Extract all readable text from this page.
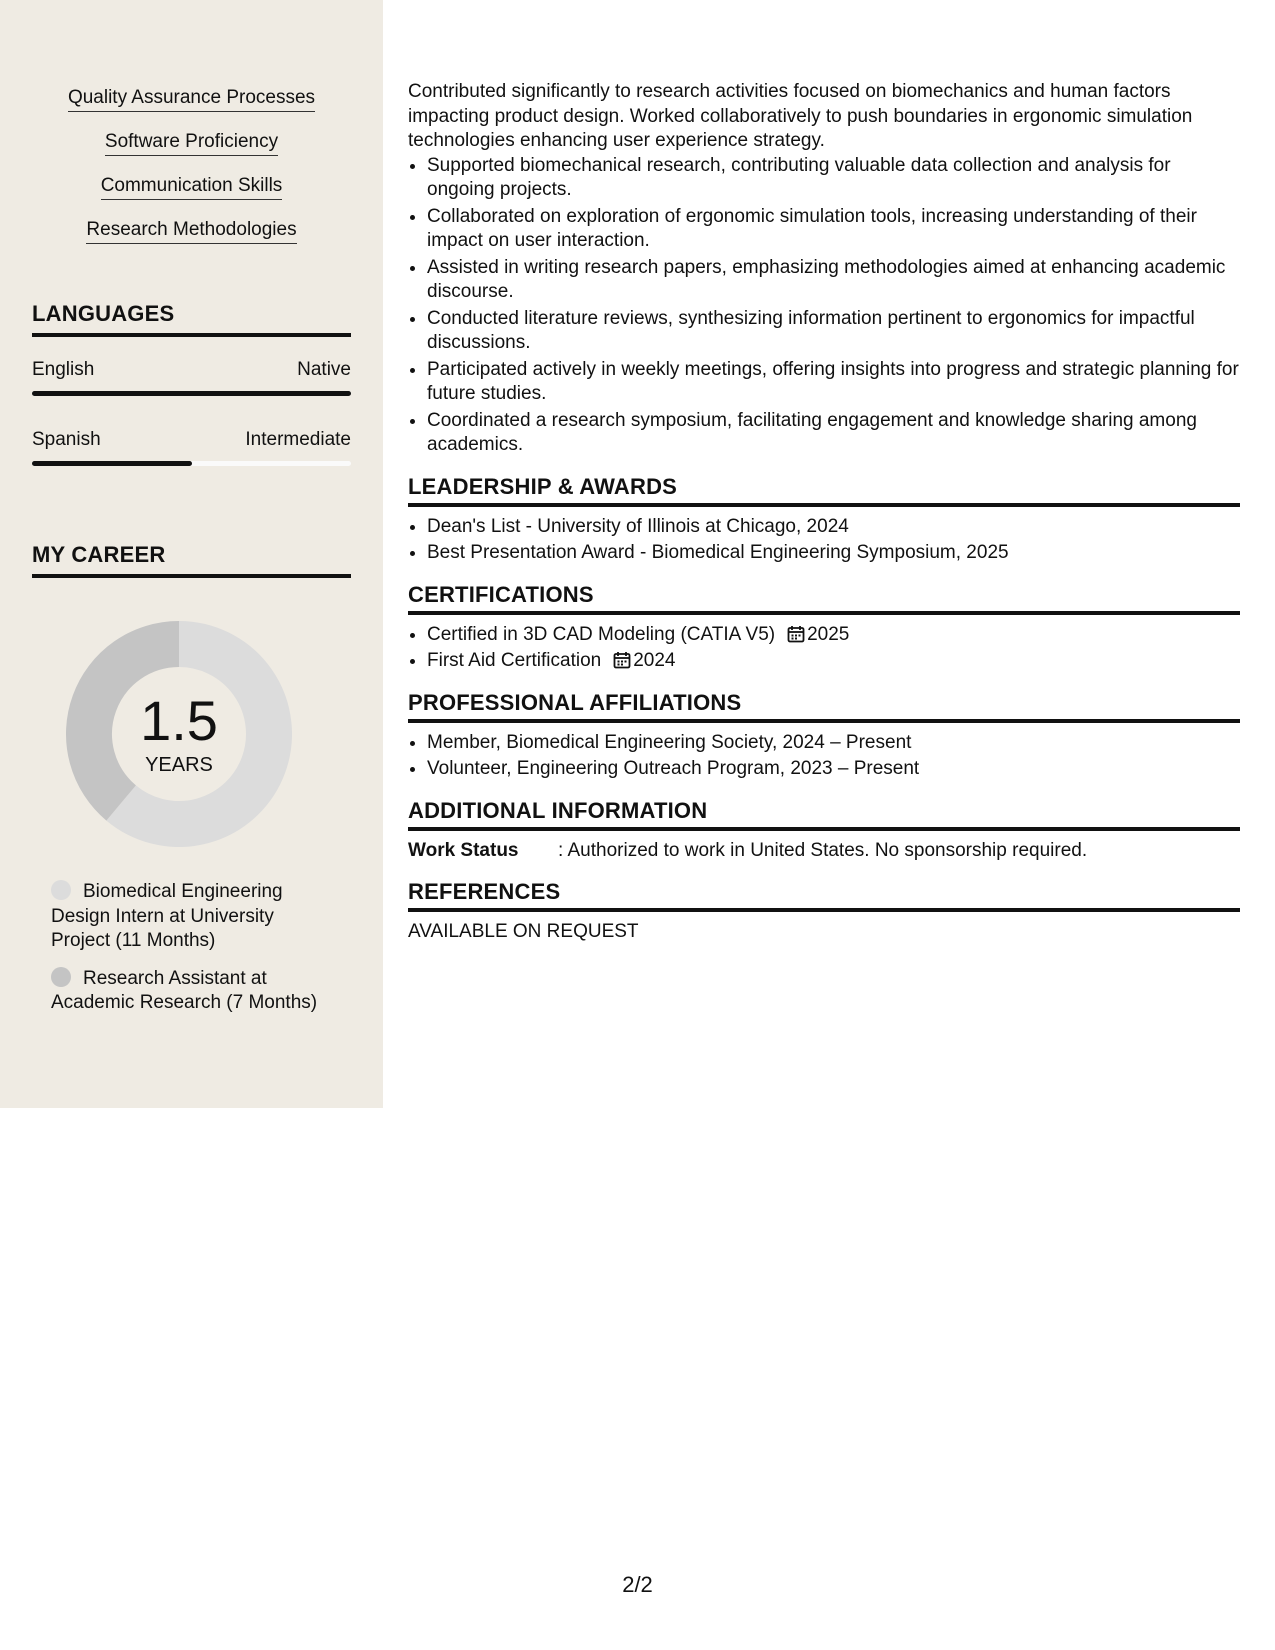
Quality Assurance Processes
Software Proficiency
Communication Skills
Research Methodologies
LANGUAGES
English	Native
Spanish	Intermediate
MY CAREER
1.5
YEARS
Biomedical Engineering Design Intern at University Project (11 Months)
Research Assistant at Academic Research (7 Months)

Contributed significantly to research activities focused on biomechanics and human factors impacting product design. Worked collaboratively to push boundaries in ergonomic simulation technologies enhancing user experience strategy.

• Supported biomechanical research, contributing valuable data collection and analysis for ongoing projects.
• Collaborated on exploration of ergonomic simulation tools, increasing understanding of their impact on user interaction.
• Assisted in writing research papers, emphasizing methodologies aimed at enhancing academic discourse.
• Conducted literature reviews, synthesizing information pertinent to ergonomics for impactful discussions.
• Participated actively in weekly meetings, offering insights into progress and strategic planning for future studies.
• Coordinated a research symposium, facilitating engagement and knowledge sharing among academics.
LEADERSHIP & AWARDS
• Dean's List - University of Illinois at Chicago, 2024
• Best Presentation Award - Biomedical Engineering Symposium, 2025
CERTIFICATIONS
• Certified in 3D CAD Modeling (CATIA V5) 2025
• First Aid Certification 2024
PROFESSIONAL AFFILIATIONS
• Member, Biomedical Engineering Society, 2024 – Present
• Volunteer, Engineering Outreach Program, 2023 – Present
ADDITIONAL INFORMATION
Work Status	: Authorized to work in United States. No sponsorship required.
REFERENCES
AVAILABLE ON REQUEST
2/2
